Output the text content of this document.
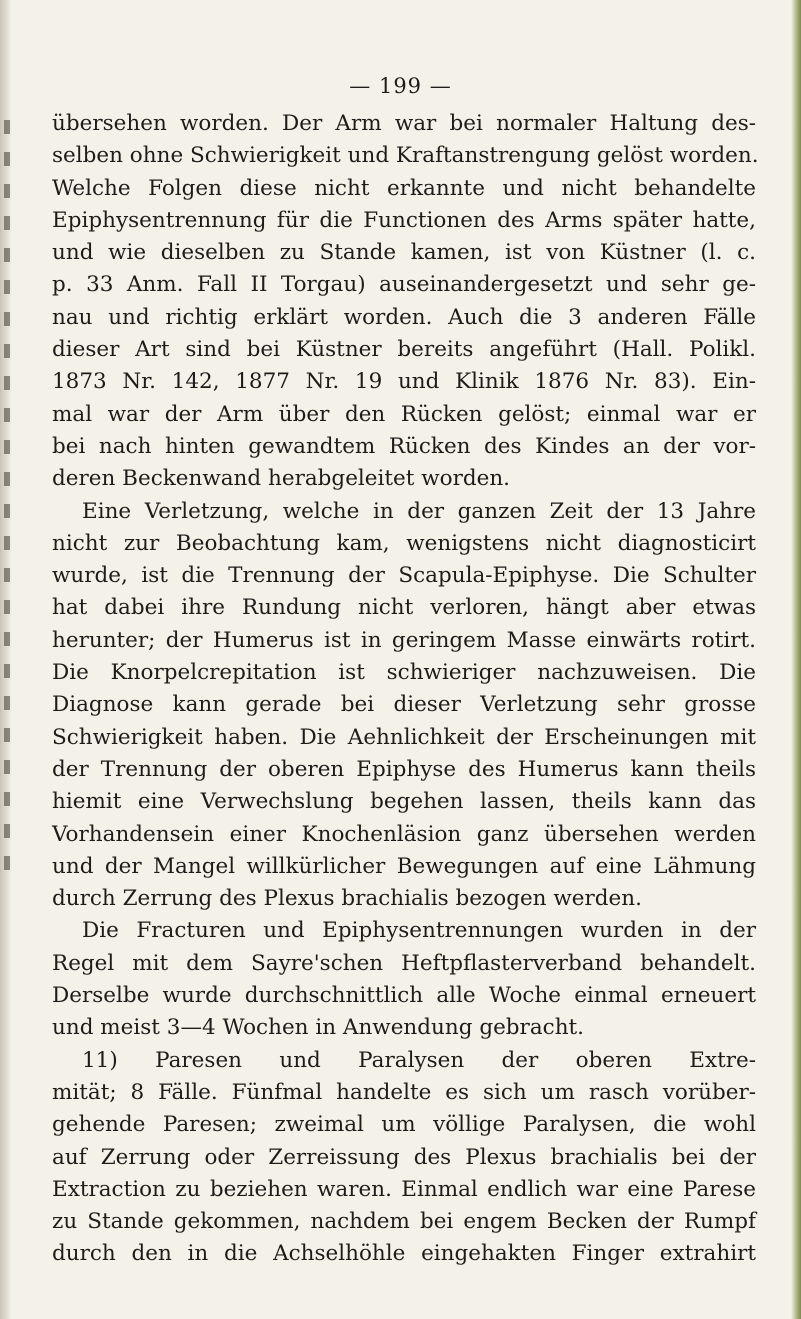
— 199 —
übersehen worden. Der Arm war bei normaler Haltung des-
selben ohne Schwierigkeit und Kraftanstrengung gelöst worden.
Welche Folgen diese nicht erkannte und nicht behandelte
Epiphysentrennung für die Functionen des Arms später hatte,
und wie dieselben zu Stande kamen, ist von Küstner (l. c.
p. 33 Anm. Fall II Torgau) auseinandergesetzt und sehr ge-
nau und richtig erklärt worden. Auch die 3 anderen Fälle
dieser Art sind bei Küstner bereits angeführt (Hall. Polikl.
1873 Nr. 142, 1877 Nr. 19 und Klinik 1876 Nr. 83). Ein-
mal war der Arm über den Rücken gelöst; einmal war er
bei nach hinten gewandtem Rücken des Kindes an der vor-
deren Beckenwand herabgeleitet worden.
Eine Verletzung, welche in der ganzen Zeit der 13 Jahre
nicht zur Beobachtung kam, wenigstens nicht diagnosticirt
wurde, ist die Trennung der Scapula-Epiphyse. Die Schulter
hat dabei ihre Rundung nicht verloren, hängt aber etwas
herunter; der Humerus ist in geringem Masse einwärts rotirt.
Die Knorpelcrepitation ist schwieriger nachzuweisen. Die
Diagnose kann gerade bei dieser Verletzung sehr grosse
Schwierigkeit haben. Die Aehnlichkeit der Erscheinungen mit
der Trennung der oberen Epiphyse des Humerus kann theils
hiemit eine Verwechslung begehen lassen, theils kann das
Vorhandensein einer Knochenläsion ganz übersehen werden
und der Mangel willkürlicher Bewegungen auf eine Lähmung
durch Zerrung des Plexus brachialis bezogen werden.
Die Fracturen und Epiphysentrennungen wurden in der
Regel mit dem Sayre'schen Heftpflasterverband behandelt.
Derselbe wurde durchschnittlich alle Woche einmal erneuert
und meist 3—4 Wochen in Anwendung gebracht.
11) Paresen und Paralysen der oberen Extre-
mität; 8 Fälle. Fünfmal handelte es sich um rasch vorüber-
gehende Paresen; zweimal um völlige Paralysen, die wohl
auf Zerrung oder Zerreissung des Plexus brachialis bei der
Extraction zu beziehen waren. Einmal endlich war eine Parese
zu Stande gekommen, nachdem bei engem Becken der Rumpf
durch den in die Achselhöhle eingehakten Finger extrahirt
